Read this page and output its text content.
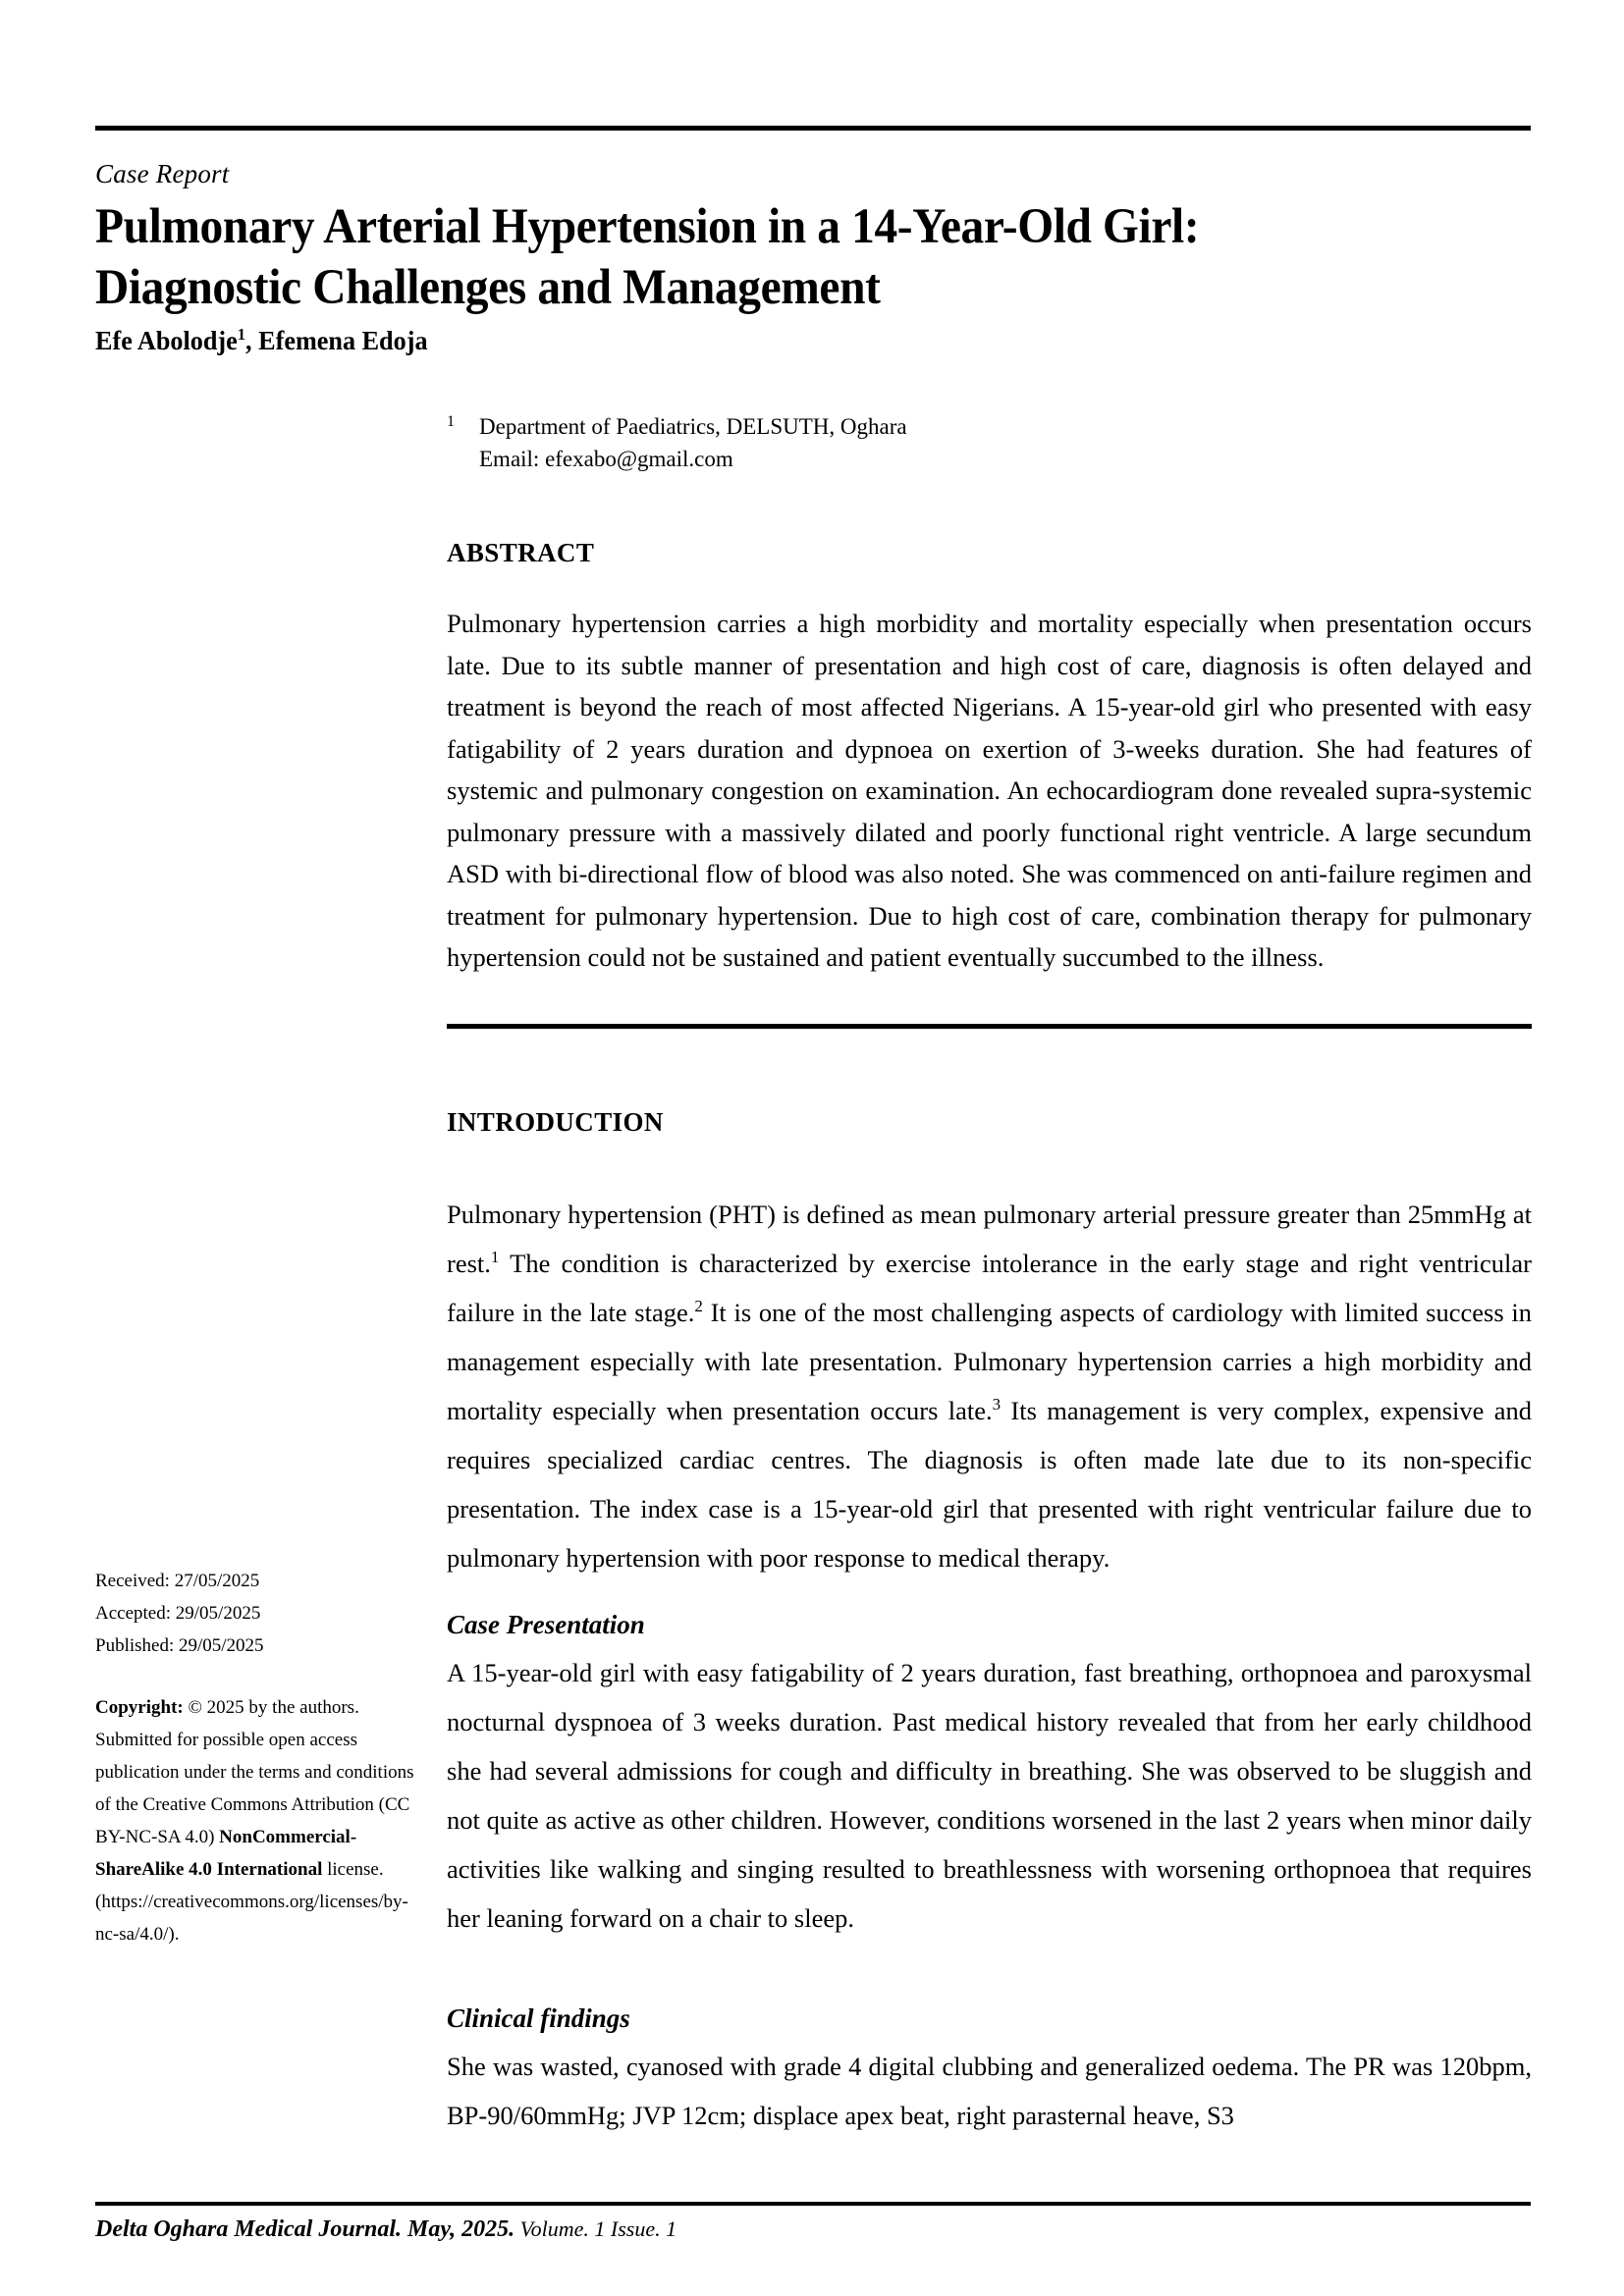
Case Report
Pulmonary Arterial Hypertension in a 14-Year-Old Girl:
Diagnostic Challenges and Management
Efe Abolodje$^1$, Efemena Edoja
1 Department of Paediatrics, DELSUTH, Oghara
Email: efexabo@gmail.com
ABSTRACT

Pulmonary hypertension carries a high morbidity and mortality especially when presentation occurs late. Due to its subtle manner of presentation and high cost of care, diagnosis is often delayed and treatment is beyond the reach of most affected Nigerians. A 15-year-old girl who presented with easy fatigability of 2 years duration and dypnoea on exertion of 3-weeks duration. She had features of systemic and pulmonary congestion on examination. An echocardiogram done revealed supra-systemic pulmonary pressure with a massively dilated and poorly functional right ventricle. A large secundum ASD with bi-directional flow of blood was also noted. She was commenced on anti-failure regimen and treatment for pulmonary hypertension. Due to high cost of care, combination therapy for pulmonary hypertension could not be sustained and patient eventually succumbed to the illness.

INTRODUCTION

Pulmonary hypertension (PHT) is defined as mean pulmonary arterial pressure greater than 25mmHg at rest.$^1$ The condition is characterized by exercise intolerance in the early stage and right ventricular failure in the late stage.$^2$ It is one of the most challenging aspects of cardiology with limited success in management especially with late presentation. Pulmonary hypertension carries a high morbidity and mortality especially when presentation occurs late.$^3$ Its management is very complex, expensive and requires specialized cardiac centres. The diagnosis is often made late due to its non-specific presentation. The index case is a 15-year-old girl that presented with right ventricular failure due to pulmonary hypertension with poor response to medical therapy.

Case Presentation

A 15-year-old girl with easy fatigability of 2 years duration, fast breathing, orthopnoea and paroxysmal nocturnal dyspnoea of 3 weeks duration. Past medical history revealed that from her early childhood she had several admissions for cough and difficulty in breathing. She was observed to be sluggish and not quite as active as other children. However, conditions worsened in the last 2 years when minor daily activities like walking and singing resulted to breathlessness with worsening orthopnoea that requires her leaning forward on a chair to sleep.

Clinical findings

She was wasted, cyanosed with grade 4 digital clubbing and generalized oedema. The PR was 120bpm, BP-90/60mmHg; JVP 12cm; displace apex beat, right parasternal heave, S3

Received: 27/05/2025
Accepted: 29/05/2025
Published: 29/05/2025

Copyright: © 2025 by the authors. Submitted for possible open access publication under the terms and conditions of the Creative Commons Attribution (CC BY-NC-SA 4.0) NonCommercial-ShareAlike 4.0 International license. (https://creativecommons.org/licenses/by-nc-sa/4.0/).

Delta Oghara Medical Journal. May, 2025. Volume. 1 Issue. 1
